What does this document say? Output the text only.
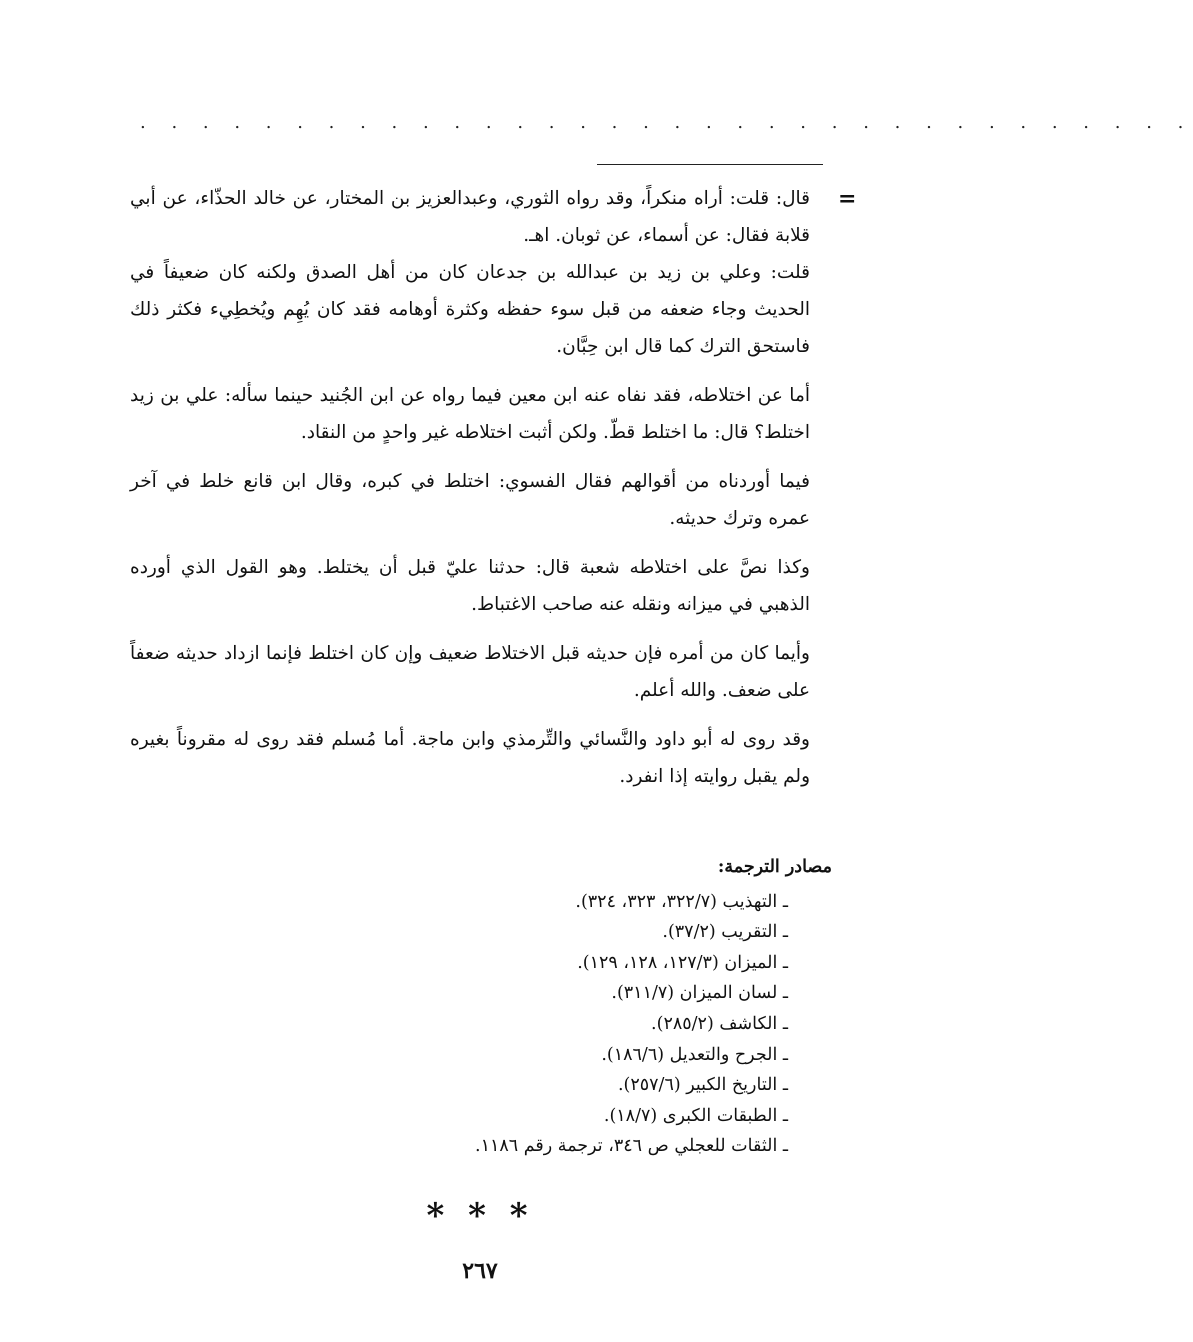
. . . . . . . . . . . . . . . . . . . . . . . . . . . . . . . . . .
=

قال: قلت: أراه منكراً، وقد رواه الثوري، وعبدالعزيز بن المختار، عن خالد الحذّاء، عن أبي قلابة فقال: عن أسماء، عن ثوبان. اهـ.

قلت: وعلي بن زيد بن عبدالله بن جدعان كان من أهل الصدق ولكنه كان ضعيفاً في الحديث وجاء ضعفه من قبل سوء حفظه وكثرة أوهامه فقد كان يُهِم ويُخطِيء فكثر ذلك فاستحق الترك كما قال ابن حِبَّان.

أما عن اختلاطه، فقد نفاه عنه ابن معين فيما رواه عن ابن الجُنيد حينما سأله: علي بن زيد اختلط؟ قال: ما اختلط قطّ. ولكن أثبت اختلاطه غير واحدٍ من النقاد.

فيما أوردناه من أقوالهم فقال الفسوي: اختلط في كبره، وقال ابن قانع خلط في آخر عمره وترك حديثه.

وكذا نصَّ على اختلاطه شعبة قال: حدثنا عليّ قبل أن يختلط. وهو القول الذي أورده الذهبي في ميزانه ونقله عنه صاحب الاغتباط.

وأيما كان من أمره فإن حديثه قبل الاختلاط ضعيف وإن كان اختلط فإنما ازداد حديثه ضعفاً على ضعف. والله أعلم.

وقد روى له أبو داود والنَّسائي والتِّرمذي وابن ماجة. أما مُسلم فقد روى له مقروناً بغيره ولم يقبل روايته إذا انفرد.

مصادر الترجمة:
ـ التهذيب (٣٢٢/٧، ٣٢٣، ٣٢٤).
ـ التقريب (٣٧/٢).
ـ الميزان (١٢٧/٣، ١٢٨، ١٢٩).
ـ لسان الميزان (٣١١/٧).
ـ الكاشف (٢٨٥/٢).
ـ الجرح والتعديل (١٨٦/٦).
ـ التاريخ الكبير (٢٥٧/٦).
ـ الطبقات الكبرى (١٨/٧).
ـ الثقات للعجلي ص ٣٤٦، ترجمة رقم ١١٨٦.
* * *
٢٦٧
